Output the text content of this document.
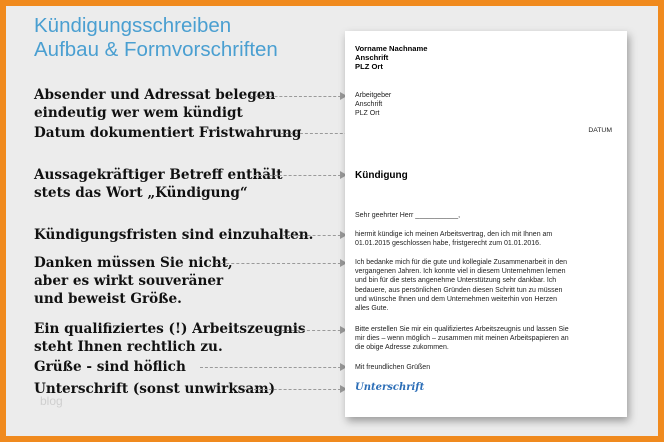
Kündigungsschreiben
Aufbau & Formvorschriften
Absender und Adressat belegen
eindeutig wer wem kündigt
Datum dokumentiert Fristwahrung
Aussagekräftiger Betreff enthält
stets das Wort „Kündigung“
Kündigungsfristen sind einzuhalten.
Danken müssen Sie nicht,
aber es wirkt souveräner
und beweist Größe.
Ein qualifiziertes (!) Arbeitszeugnis
steht Ihnen rechtlich zu.
Grüße - sind höflich
Unterschrift (sonst unwirksam)
blog
Vorname Nachname
Anschrift
PLZ Ort
Arbeitgeber
Anschrift
PLZ Ort
DATUM
Kündigung
Sehr geehrter Herr ___________,
hiermit kündige ich meinen Arbeitsvertrag, den ich mit Ihnen am
01.01.2015 geschlossen habe, fristgerecht zum 01.01.2016.
Ich bedanke mich für die gute und kollegiale Zusammenarbeit in den
vergangenen Jahren. Ich konnte viel in diesem Unternehmen lernen
und bin für die stets angenehme Unterstützung sehr dankbar. Ich
bedauere, aus persönlichen Gründen diesen Schritt tun zu müssen
und wünsche Ihnen und dem Unternehmen weiterhin von Herzen
alles Gute.
Bitte erstellen Sie mir ein qualifiziertes Arbeitszeugnis und lassen Sie
mir dies – wenn möglich – zusammen mit meinen Arbeitspapieren an
die obige Adresse zukommen.
Mit freundlichen Grüßen
Unterschrift
